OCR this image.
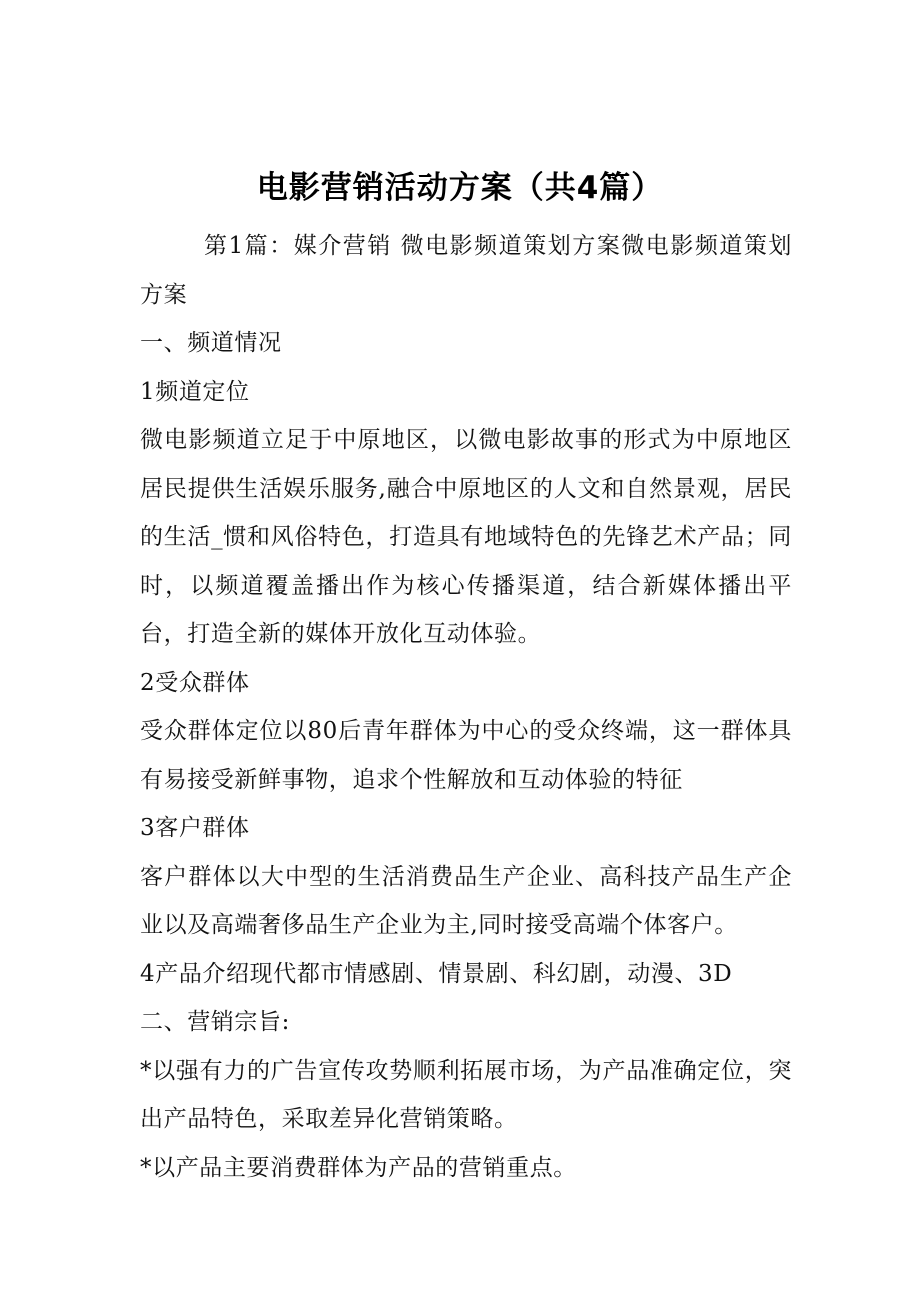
电影营销活动方案（共4篇）

第1篇：媒介营销 微电影频道策划方案微电影频道策划方案

一、频道情况

1频道定位

微电影频道立足于中原地区，以微电影故事的形式为中原地区居民提供生活娱乐服务,融合中原地区的人文和自然景观，居民的生活_惯和风俗特色，打造具有地域特色的先锋艺术产品；同时，以频道覆盖播出作为核心传播渠道，结合新媒体播出平台，打造全新的媒体开放化互动体验。

2受众群体

受众群体定位以80后青年群体为中心的受众终端，这一群体具有易接受新鲜事物，追求个性解放和互动体验的特征

3客户群体

客户群体以大中型的生活消费品生产企业、高科技产品生产企业以及高端奢侈品生产企业为主,同时接受高端个体客户。

4产品介绍现代都市情感剧、情景剧、科幻剧，动漫、3D

二、营销宗旨:

*以强有力的广告宣传攻势顺利拓展市场，为产品准确定位，突出产品特色，采取差异化营销策略。

*以产品主要消费群体为产品的营销重点。
